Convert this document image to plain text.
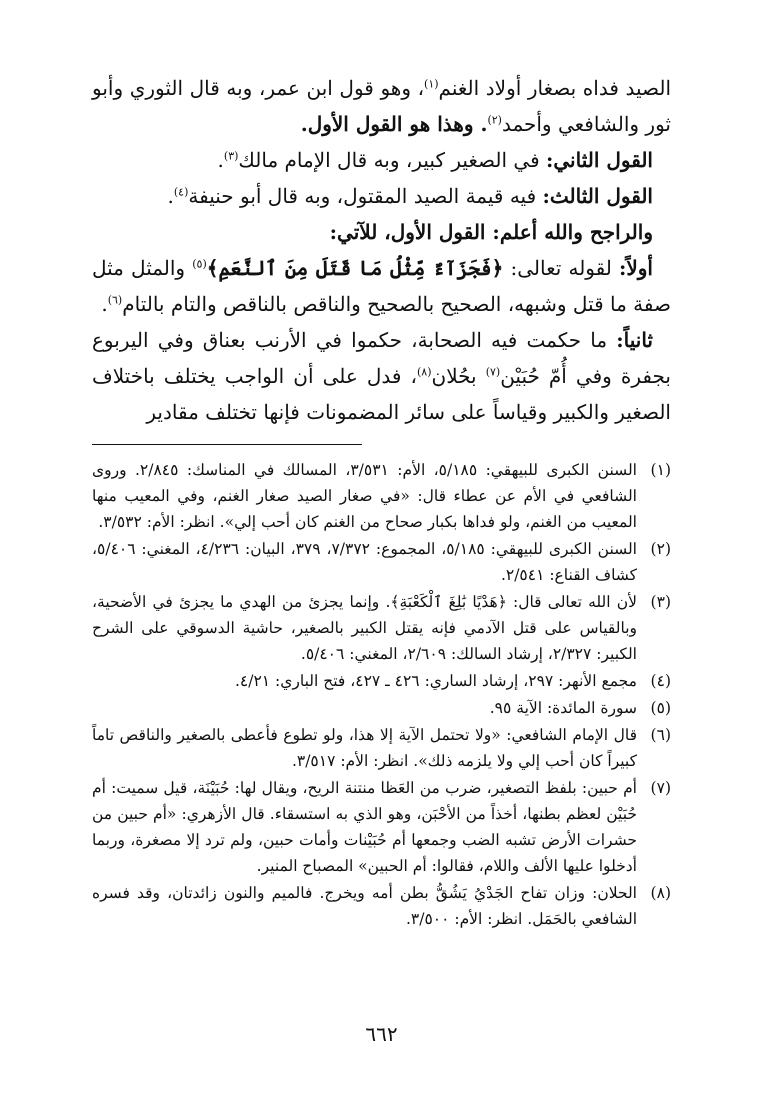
الصيد فداه بصغار أولاد الغنم$^{(١)}$، وهو قول ابن عمر، وبه قال الثوري وأبو ثور والشافعي وأحمد$^{(٢)}$. وهذا هو القول الأول.

القول الثاني: في الصغير كبير، وبه قال الإمام مالك$^{(٣)}$.

القول الثالث: فيه قيمة الصيد المقتول، وبه قال أبو حنيفة$^{(٤)}$.

والراجح والله أعلم: القول الأول، للآتي:

أولاً: لقوله تعالى: ﴿فَجَزَآءٌ مِّثْلُ مَا قَتَلَ مِنَ ٱلنَّعَمِ﴾$^{(٥)}$ والمثل مثل صفة ما قتل وشبهه، الصحيح بالصحيح والناقص بالناقص والتام بالتام$^{(٦)}$.

ثانياً: ما حكمت فيه الصحابة، حكموا في الأرنب بعناق وفي اليربوع بجفرة وفي أُمّ حُبَيْن$^{(٧)}$ بحُلان$^{(٨)}$، فدل على أن الواجب يختلف باختلاف الصغير والكبير وقياساً على سائر المضمونات فإنها تختلف مقادير

(١)
السنن الكبرى للبيهقي: ٥/١٨٥، الأم: ٣/٥٣١، المسالك في المناسك: ٢/٨٤٥. وروى الشافعي في الأم عن عطاء قال: «في صغار الصيد صغار الغنم، وفي المعيب منها المعيب من الغنم، ولو فداها بكبار صحاح من الغنم كان أحب إلي». انظر: الأم: ٣/٥٣٢.
(٢)
السنن الكبرى للبيهقي: ٥/١٨٥، المجموع: ٧/٣٧٢، ٣٧٩، البيان: ٤/٢٣٦، المغني: ٥/٤٠٦، كشاف القناع: ٢/٥٤١.
(٣)
لأن الله تعالى قال: ﴿هَدْيًا بَٰلِغَ ٱلْكَعْبَةِ﴾. وإنما يجزئ من الهدي ما يجزئ في الأضحية، وبالقياس على قتل الآدمي فإنه يقتل الكبير بالصغير، حاشية الدسوقي على الشرح الكبير: ٢/٣٢٧، إرشاد السالك: ٢/٦٠٩، المغني: ٥/٤٠٦.
(٤)
مجمع الأنهر: ٢٩٧، إرشاد الساري: ٤٢٦ ـ ٤٢٧، فتح الباري: ٤/٢١.
(٥)
سورة المائدة: الآية ٩٥.
(٦)
قال الإمام الشافعي: «ولا تحتمل الآية إلا هذا، ولو تطوع فأعطى بالصغير والناقص تاماً كبيراً كان أحب إلي ولا يلزمه ذلك». انظر: الأم: ٣/٥١٧.
(٧)
أم حبين: بلفظ التصغير، ضرب من العَظا منتنة الريح، ويقال لها: حُبَيْنَة، قيل سميت: أم حُبَيْن لعظم بطنها، أخذاً من الأحْبَن، وهو الذي به استسقاء. قال الأزهري: «أم حبين من حشرات الأرض تشبه الضب وجمعها أم حُبَيْنات وأمات حبين، ولم ترد إلا مصغرة، وربما أدخلوا عليها الألف واللام، فقالوا: أم الحبين» المصباح المنير.
(٨)
الحلان: وزان تفاح الجَدْيُ يَشُقُّ بطن أمه ويخرج. فالميم والنون زائدتان، وقد فسره الشافعي بالحَمَل. انظر: الأم: ٣/٥٠٠.
٦٦٢
